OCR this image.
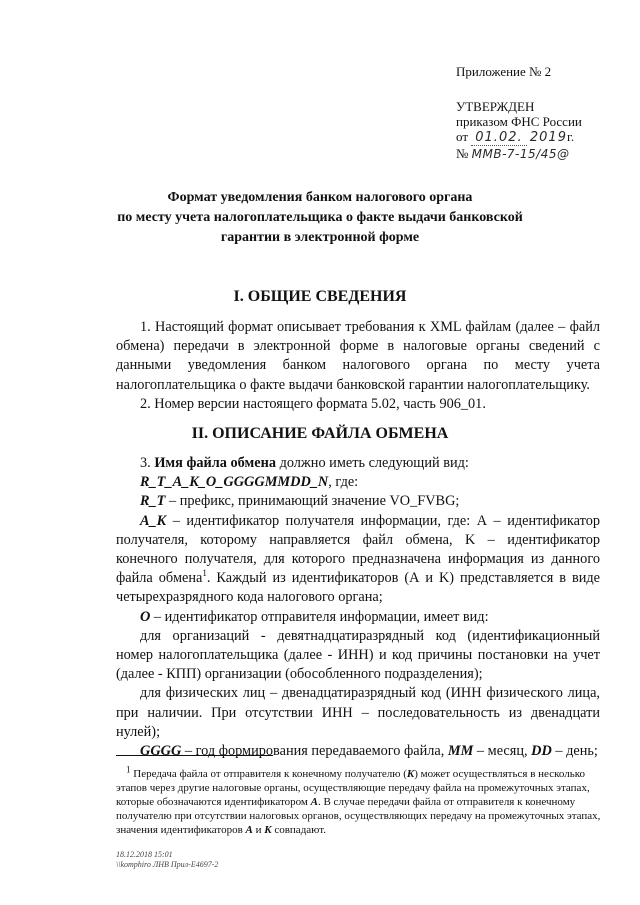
Приложение № 2
УТВЕРЖДЕН
приказом ФНС России
от 01.02. 2019г.
№ ММВ-7-15/45@
Формат уведомления банком налогового органа
по месту учета налогоплательщика о факте выдачи банковской
гарантии в электронной форме
I. ОБЩИЕ СВЕДЕНИЯ

1. Настоящий формат описывает требования к XML файлам (далее – файл обмена) передачи в электронной форме в налоговые органы сведений с данными уведомления банком налогового органа по месту учета налогоплательщика о факте выдачи банковской гарантии налогоплательщику.

2. Номер версии настоящего формата 5.02, часть 906_01.

II. ОПИСАНИЕ ФАЙЛА ОБМЕНА

3. Имя файла обмена должно иметь следующий вид:

R_T_A_K_O_GGGGMMDD_N, где:

R_T – префикс, принимающий значение VO_FVBG;

A_K – идентификатор получателя информации, где: А – идентификатор получателя, которому направляется файл обмена, K – идентификатор конечного получателя, для которого предназначена информация из данного файла обмена$^1$. Каждый из идентификаторов (А и K) представляется в виде четырехразрядного кода налогового органа;

O – идентификатор отправителя информации, имеет вид:

для организаций - девятнадцатиразрядный код (идентификационный номер налогоплательщика (далее - ИНН) и код причины постановки на учет (далее - КПП) организации (обособленного подразделения);

для физических лиц – двенадцатиразрядный код (ИНН физического лица, при наличии. При отсутствии ИНН – последовательность из двенадцати нулей);

GGGG – год формирования передаваемого файла, MM – месяц, DD – день;

$^1$ Передача файла от отправителя к конечному получателю (K) может осуществляться в несколько этапов через другие налоговые органы, осуществляющие передачу файла на промежуточных этапах, которые обозначаются идентификатором А. В случае передачи файла от отправителя к конечному получателю при отсутствии налоговых органов, осуществляющих передачу на промежуточных этапах, значения идентификаторов А и K совпадают.

18.12.2018 15:01
\\komphiro ЛНВ Прил-Е4697-2
